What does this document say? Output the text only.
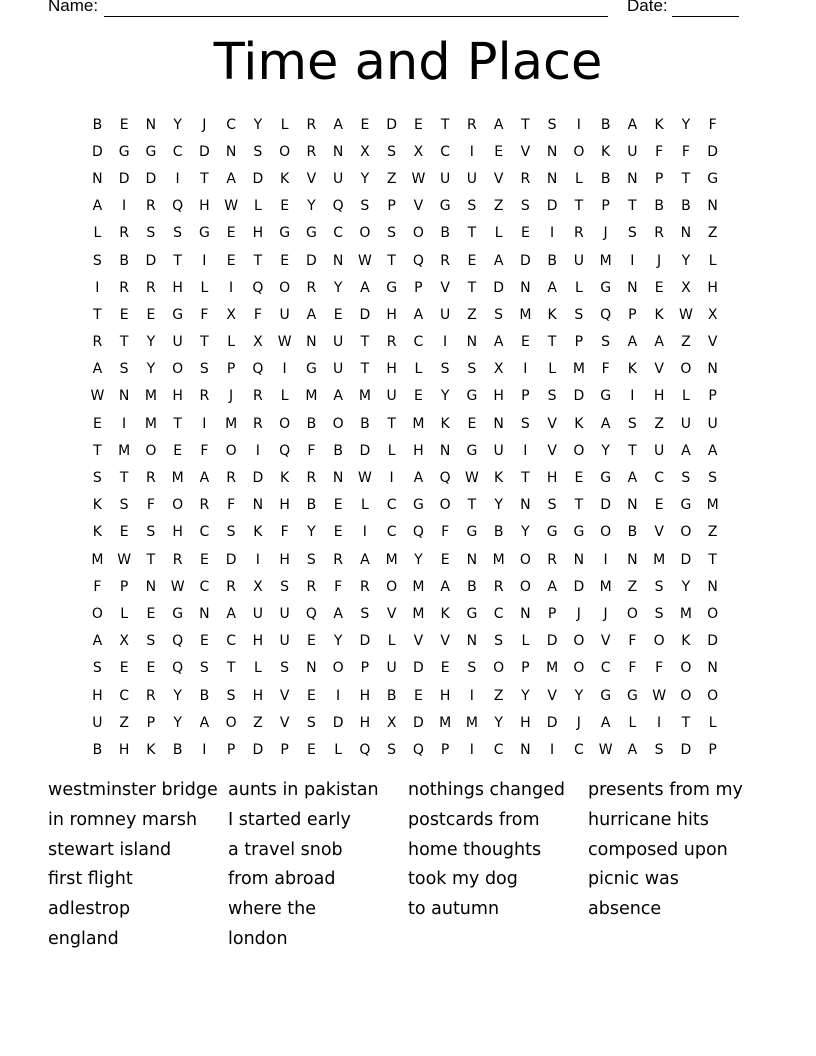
Name:	Date:
Time and Place
B	E	N	Y	J	C	Y	L	R	A	E	D	E	T	R	A	T	S	I	B	A	K	Y	F
D	G	G	C	D	N	S	O	R	N	X	S	X	C	I	E	V	N	O	K	U	F	F	D
N	D	D	I	T	A	D	K	V	U	Y	Z	W	U	U	V	R	N	L	B	N	P	T	G
A	I	R	Q	H	W	L	E	Y	Q	S	P	V	G	S	Z	S	D	T	P	T	B	B	N
L	R	S	S	G	E	H	G	G	C	O	S	O	B	T	L	E	I	R	J	S	R	N	Z
S	B	D	T	I	E	T	E	D	N	W	T	Q	R	E	A	D	B	U	M	I	J	Y	L
I	R	R	H	L	I	Q	O	R	Y	A	G	P	V	T	D	N	A	L	G	N	E	X	H
T	E	E	G	F	X	F	U	A	E	D	H	A	U	Z	S	M	K	S	Q	P	K	W	X
R	T	Y	U	T	L	X	W	N	U	T	R	C	I	N	A	E	T	P	S	A	A	Z	V
A	S	Y	O	S	P	Q	I	G	U	T	H	L	S	S	X	I	L	M	F	K	V	O	N
W	N	M	H	R	J	R	L	M	A	M	U	E	Y	G	H	P	S	D	G	I	H	L	P
E	I	M	T	I	M	R	O	B	O	B	T	M	K	E	N	S	V	K	A	S	Z	U	U
T	M	O	E	F	O	I	Q	F	B	D	L	H	N	G	U	I	V	O	Y	T	U	A	A
S	T	R	M	A	R	D	K	R	N	W	I	A	Q	W	K	T	H	E	G	A	C	S	S
K	S	F	O	R	F	N	H	B	E	L	C	G	O	T	Y	N	S	T	D	N	E	G	M
K	E	S	H	C	S	K	F	Y	E	I	C	Q	F	G	B	Y	G	G	O	B	V	O	Z
M W	T	R	E	D	I	H	S	R	A	M	Y	E	N	M	O	R	N	I	N	M	D	T
F	P	N	W	C	R	X	S	R	F	R	O	M	A	B	R	O	A	D	M	Z	S	Y	N
O	L	E	G	N	A	U	U	Q	A	S	V	M	K	G	C	N	P	J	J	O	S	M	O
A	X	S	Q	E	C	H	U	E	Y	D	L	V	V	N	S	L	D	O	V	F	O	K	D
S	E	E	Q	S	T	L	S	N	O	P	U	D	E	S	O	P	M	O	C	F	F	O	N
H	C	R	Y	B	S	H	V	E	I	H	B	E	H	I	Z	Y	V	Y	G	G	W	O	O
U	Z	P	Y	A	O	Z	V	S	D	H	X	D	M	M	Y	H	D	J	A	L	I	T	L
B	H	K	B	I	P	D	P	E	L	Q	S	Q	P	I	C	N	I	C	W	A	S	D	P
westminster bridge
in romney marsh
stewart island
first flight
adlestrop
england
aunts in pakistan
I started early
a travel snob
from abroad
where the
london
nothings changed
postcards from
home thoughts
took my dog
to autumn
presents from my
hurricane hits
composed upon
picnic was
absence
